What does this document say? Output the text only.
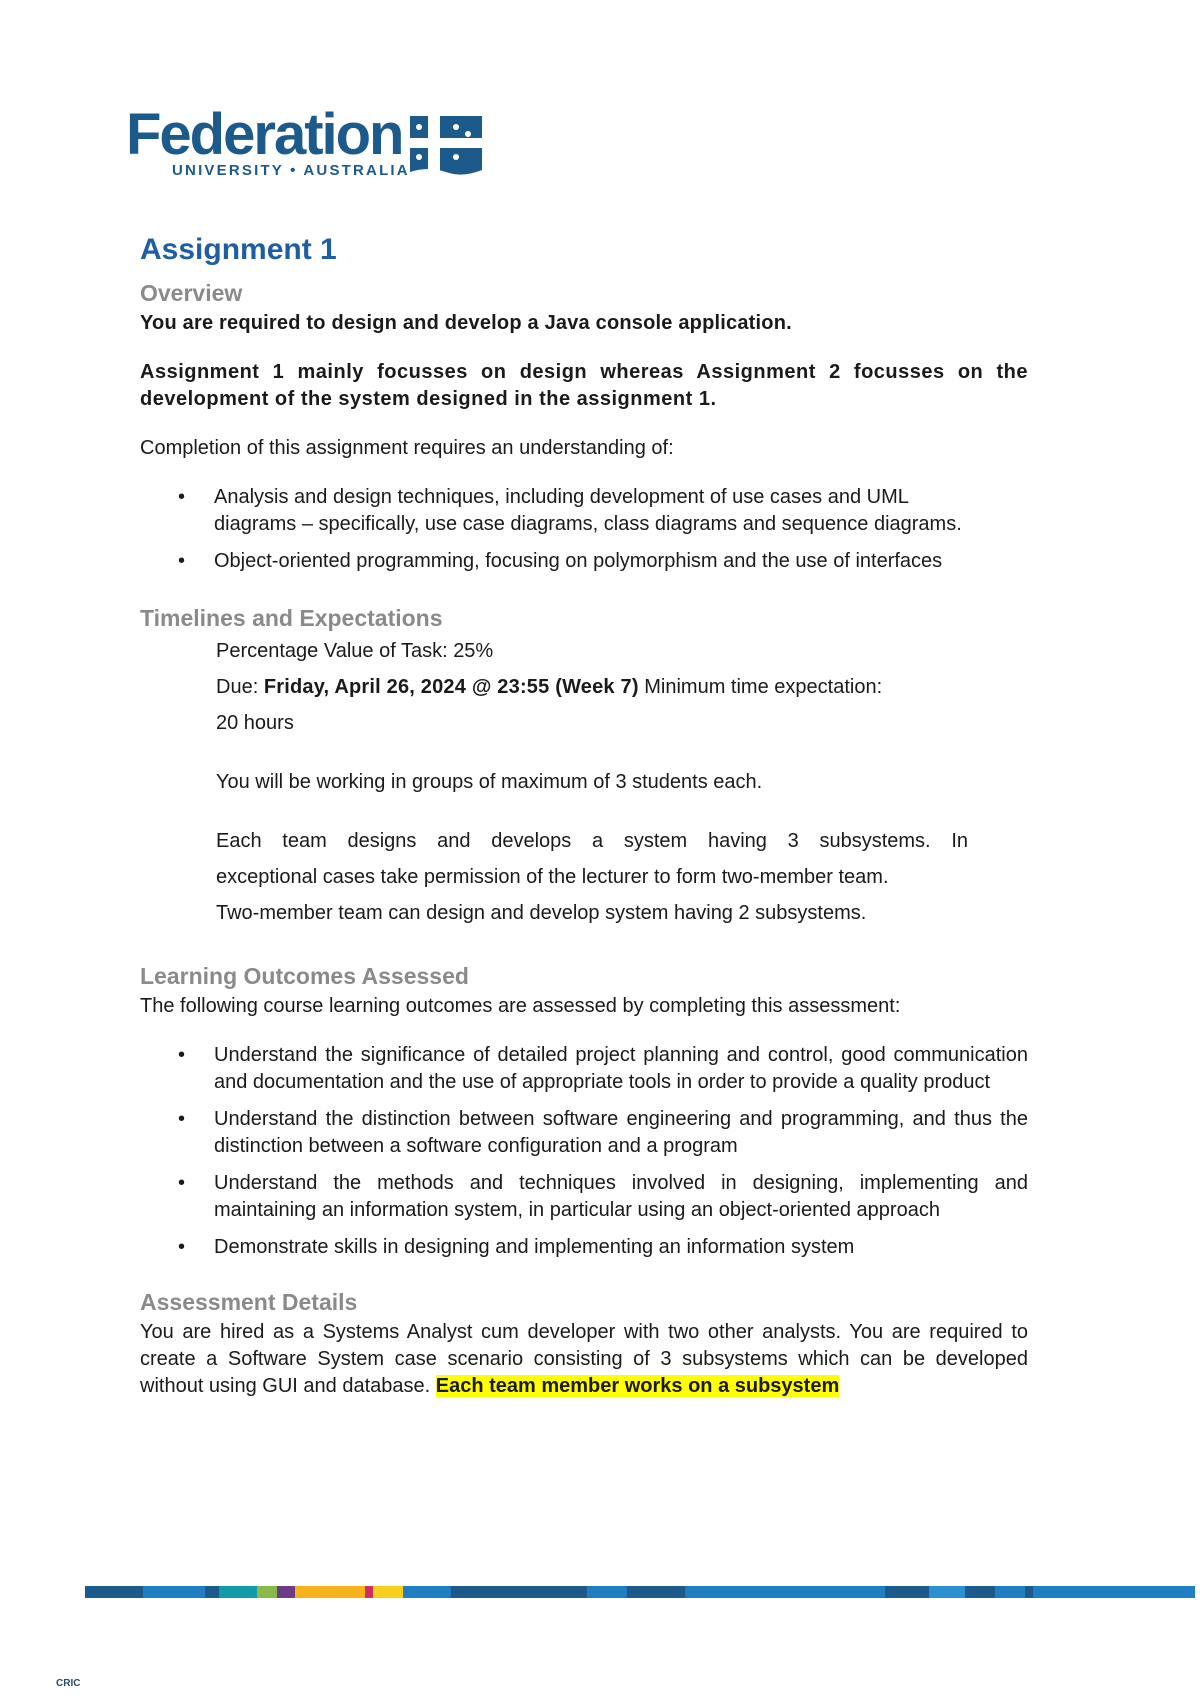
Federation
UNIVERSITY • AUSTRALIA
Assignment 1
Overview

You are required to design and develop a Java console application.

Assignment 1 mainly focusses on design whereas Assignment 2 focusses on the development of the system designed in the assignment 1.

Completion of this assignment requires an understanding of:

• Analysis and design techniques, including development of use cases and UML diagrams – specifically, use case diagrams, class diagrams and sequence diagrams.
• Object-oriented programming, focusing on polymorphism and the use of interfaces
Timelines and Expectations

Percentage Value of Task: 25%

Due: Friday, April 26, 2024 @ 23:55 (Week 7) Minimum time expectation:

20 hours

You will be working in groups of maximum of 3 students each.

Each team designs and develops a system having 3 subsystems. In

exceptional cases take permission of the lecturer to form two-member team.

Two-member team can design and develop system having 2 subsystems.

Learning Outcomes Assessed

The following course learning outcomes are assessed by completing this assessment:

• Understand the significance of detailed project planning and control, good communication and documentation and the use of appropriate tools in order to provide a quality product
• Understand the distinction between software engineering and programming, and thus the distinction between a software configuration and a program
• Understand the methods and techniques involved in designing, implementing and maintaining an information system, in particular using an object-oriented approach
• Demonstrate skills in designing and implementing an information system
Assessment Details

You are hired as a Systems Analyst cum developer with two other analysts. You are required to create a Software System case scenario consisting of 3 subsystems which can be developed without using GUI and database. Each team member works on a subsystem

CRIC
